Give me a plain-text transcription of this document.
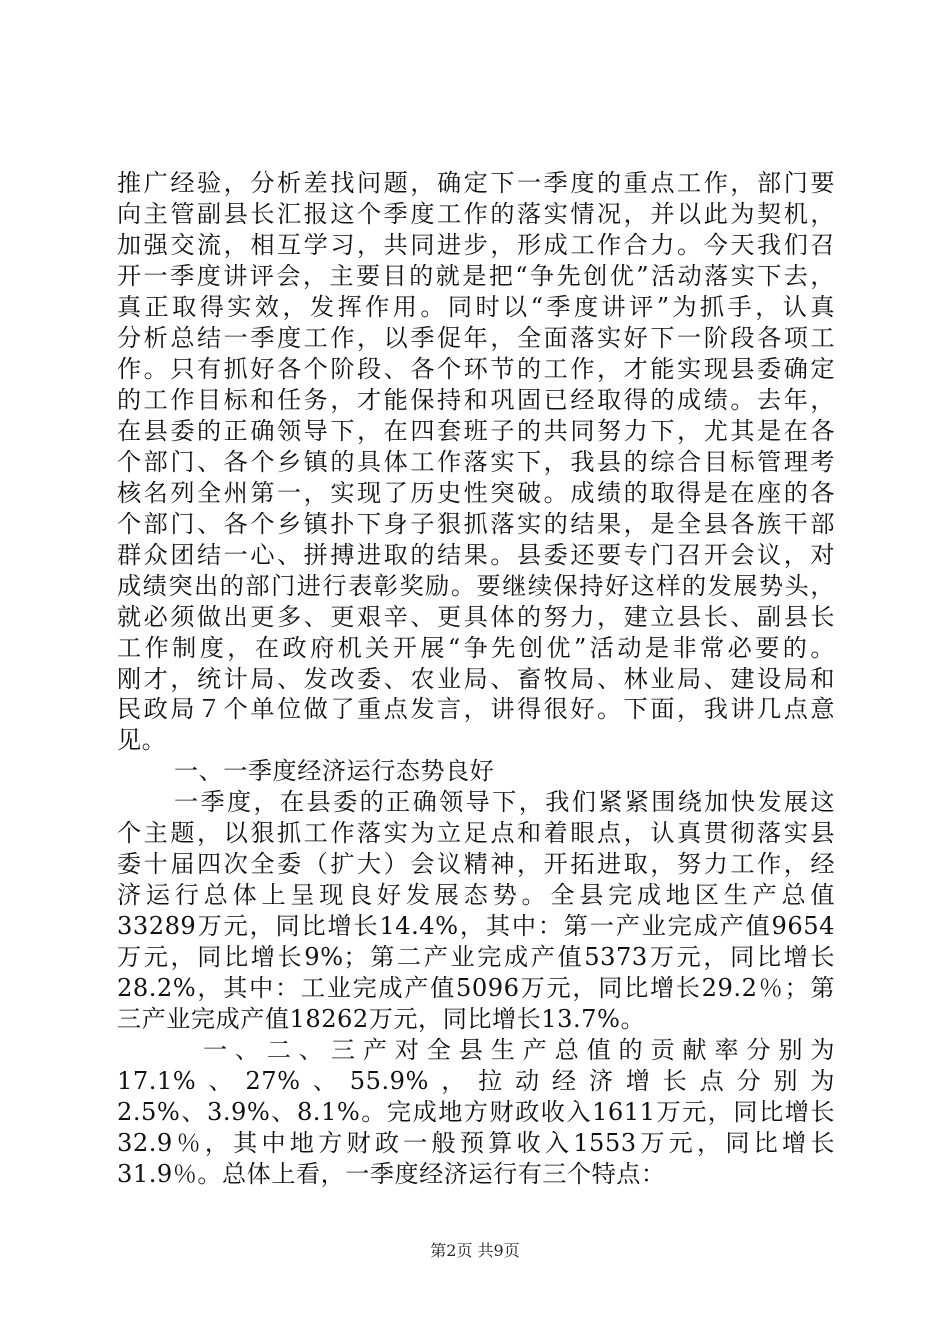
推广经验，分析差找问题，确定下一季度的重点工作，部门要
向主管副县长汇报这个季度工作的落实情况，并以此为契机，
加强交流，相互学习，共同进步，形成工作合力。今天我们召
开一季度讲评会，主要目的就是把“争先创优”活动落实下去，
真正取得实效，发挥作用。同时以“季度讲评”为抓手，认真
分析总结一季度工作，以季促年，全面落实好下一阶段各项工
作。只有抓好各个阶段、各个环节的工作，才能实现县委确定
的工作目标和任务，才能保持和巩固已经取得的成绩。去年，
在县委的正确领导下，在四套班子的共同努力下，尤其是在各
个部门、各个乡镇的具体工作落实下，我县的综合目标管理考
核名列全州第一，实现了历史性突破。成绩的取得是在座的各
个部门、各个乡镇扑下身子狠抓落实的结果，是全县各族干部
群众团结一心、拼搏进取的结果。县委还要专门召开会议，对
成绩突出的部门进行表彰奖励。要继续保持好这样的发展势头，
就必须做出更多、更艰辛、更具体的努力，建立县长、副县长
工作制度，在政府机关开展“争先创优”活动是非常必要的。
刚才，统计局、发改委、农业局、畜牧局、林业局、建设局和
民政局７个单位做了重点发言，讲得很好。下面，我讲几点意
见。
一、一季度经济运行态势良好
一季度，在县委的正确领导下，我们紧紧围绕加快发展这
个主题，以狠抓工作落实为立足点和着眼点，认真贯彻落实县
委十届四次全委（扩大）会议精神，开拓进取，努力工作，经
济运行总体上呈现良好发展态势。全县完成地区生产总值
33289万元，同比增长14.4%，其中：第一产业完成产值9654
万元，同比增长9%；第二产业完成产值5373万元，同比增长
28.2%，其中：工业完成产值5096万元，同比增长29.2％；第
三产业完成产值18262万元，同比增长13.7%。
一、二、三产对全县生产总值的贡献率分别为
17.1%、27%、55.9%，拉动经济增长点分别为
2.5%、3.9%、8.1%。完成地方财政收入1611万元，同比增长
32.9％，其中地方财政一般预算收入1553万元，同比增长
31.9％。总体上看，一季度经济运行有三个特点：
第2页 共9页
